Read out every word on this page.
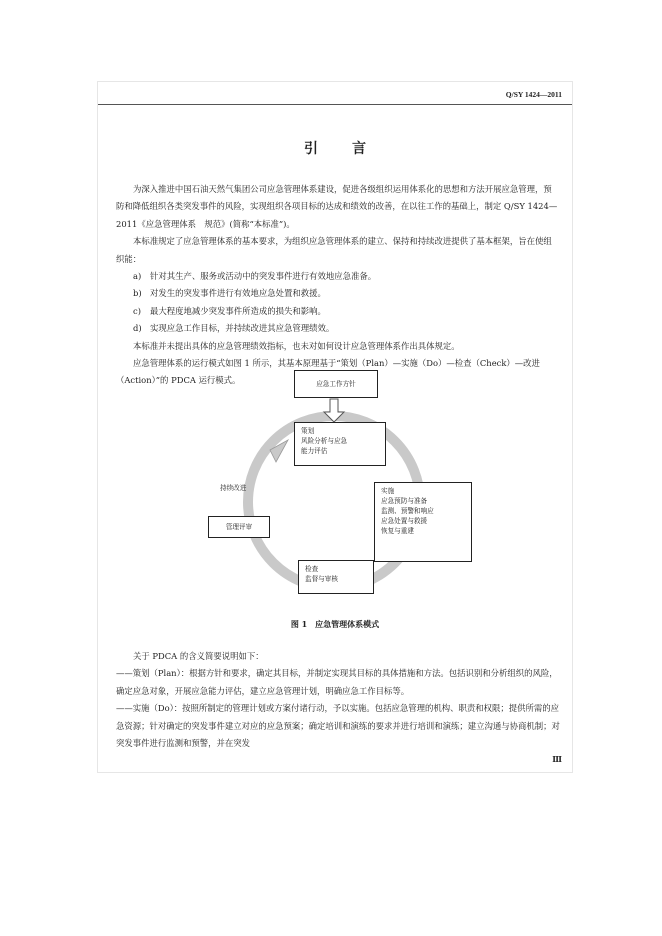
Q/SY 1424—2011
引言

为深入推进中国石油天然气集团公司应急管理体系建设，促进各级组织运用体系化的思想和方法开展应急管理，预防和降低组织各类突发事件的风险，实现组织各项目标的达成和绩效的改善，在以往工作的基础上，制定 Q/SY 1424—2011《应急管理体系　规范》(简称“本标准”)。

本标准规定了应急管理体系的基本要求，为组织应急管理体系的建立、保持和持续改进提供了基本框架，旨在使组织能：

a) 针对其生产、服务或活动中的突发事件进行有效地应急准备。

b) 对发生的突发事件进行有效地应急处置和救援。

c) 最大程度地减少突发事件所造成的损失和影响。

d) 实现应急工作目标，并持续改进其应急管理绩效。

本标准并未提出具体的应急管理绩效指标，也未对如何设计应急管理体系作出具体规定。

应急管理体系的运行模式如图 1 所示，其基本原理基于“策划（Plan）—实施（Do）—检查（Check）—改进（Action）”的 PDCA 运行模式。	应急工作方针
策划
风险分析与应急
能力评估
实施
应急预防与准备
监测、预警和响应
应急处置与救援
恢复与重建
检查
监督与审核
管理评审
持续改进
图 1　应急管理体系模式

关于 PDCA 的含义简要说明如下：

——策划（Plan）：根据方针和要求，确定其目标，并制定实现其目标的具体措施和方法。包括识别和分析组织的风险，确定应急对象，开展应急能力评估，建立应急管理计划，明确应急工作目标等。

——实施（Do）：按照所制定的管理计划或方案付诸行动，予以实施。包括应急管理的机构、职责和权限；提供所需的应急资源；针对确定的突发事件建立对应的应急预案；确定培训和演练的要求并进行培训和演练；建立沟通与协商机制；对突发事件进行监测和预警，并在突发

Ⅲ
